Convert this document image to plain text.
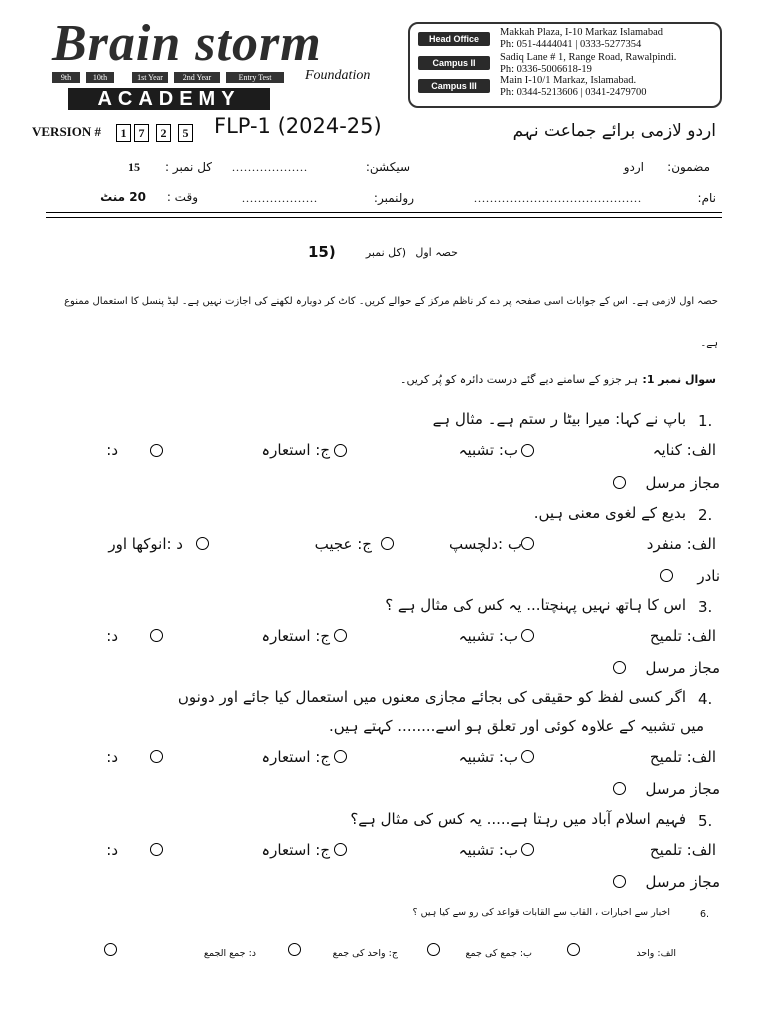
Brain storm
Foundation
9th	10th	1st Year	2nd Year	Entry Test
ACADEMY
Head Office
Makkah Plaza, I-10 Markaz Islamabad
Ph: 051-4444041 | 0333-5277354
Campus II	Sadiq Lane # 1, Range Road, Rawalpindi.
Ph: 0336-5006618-19
Campus III	Main I-10/1 Markaz, Islamabad.
Ph: 0344-5213606 | 0341-2479700
VERSION #	1	7	2	5 FLP-1 (2024-25)	اردو لازمی برائے جماعت نہم
مضمون:
اردو
سیکشن:
...................
کل نمبر :
15
نام:
..........................................
رولنمبر:
...................
وقت :
20 منٹ
حصہ اول
(کل نمبر
15)
حصہ اول لازمی ہے۔ اس کے جوابات اسی صفحہ پر دے کر ناظم مرکز کے حوالے کریں۔ کاٹ کر دوبارہ لکھنے کی اجازت نہیں ہے۔ لیڈ پنسل کا استعمال ممنوع
ہے۔
سوال نمبر 1:
ہر جزو کے سامنے دیے گئے درست دائرہ کو پُر کریں۔
1.
باپ نے کہا: میرا بیٹا ر ستم ہے۔ مثال ہے
الف: کنایہ
ب: تشبیہ
ج: استعارہ
د:
مجاز مرسل
2.
بدیع کے لغوی معنی ہیں.
الف: منفرد
ب :دلچسپ
ج: عجیب
د :انوکھا اور
نادر
3.
اس کا ہاتھ نہیں پہنچتا... یہ کس کی مثال ہے ؟
الف: تلمیح
ب: تشبیہ
ج: استعارہ
د:
مجاز مرسل
4.
اگر کسی لفظ کو حقیقی کی بجائے مجازی معنوں میں استعمال کیا جائے اور دونوں
میں تشبیہ کے علاوہ کوئی اور تعلق ہو اسے........ کہتے ہیں.
الف: تلمیح
ب: تشبیہ
ج: استعارہ
د:
مجاز مرسل
5.
فہیم اسلام آباد میں رہتا ہے..... یہ کس کی مثال ہے؟
الف: تلمیح
ب: تشبیہ
ج: استعارہ
د:
مجاز مرسل
6.
اخبار سے اخبارات ، القاب سے القابات قواعد کی رو سے کیا ہیں ؟
الف: واحد
ب: جمع کی جمع
ج: واحد کی جمع
د: جمع الجمع
